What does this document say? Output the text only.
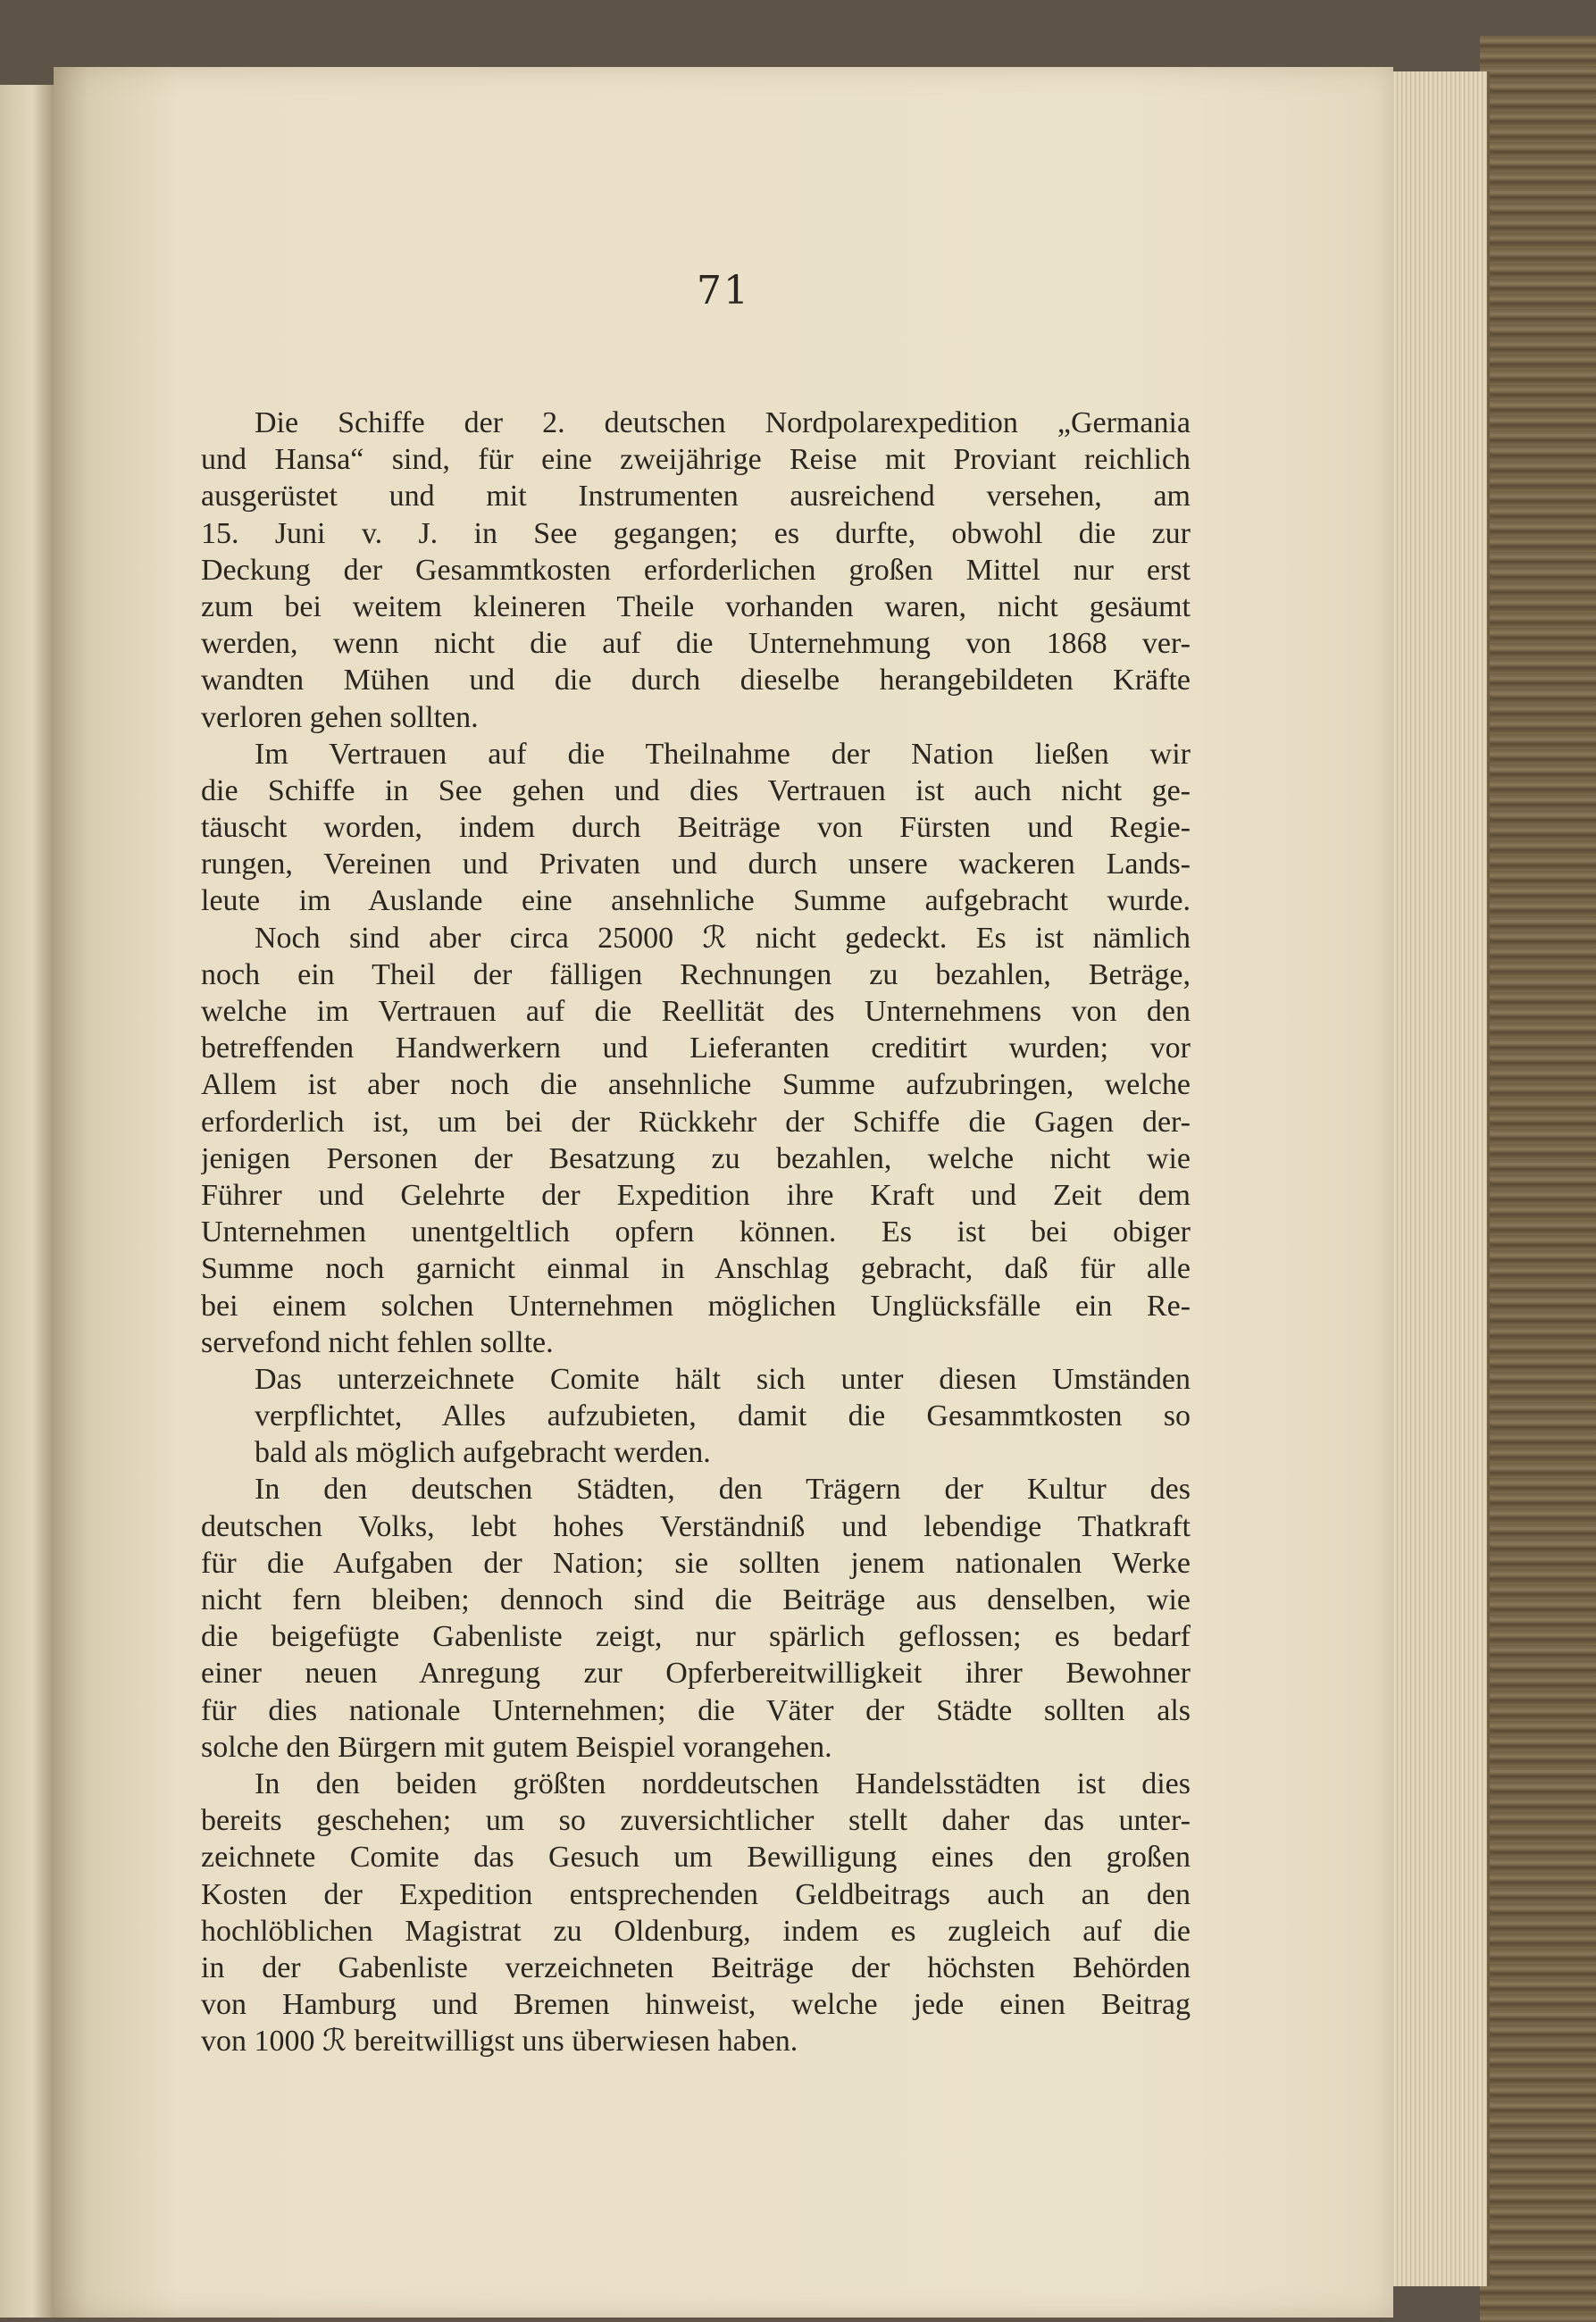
71
Die Schiffe der 2. deutschen Nordpolarexpedition „Germania
und Hansa“ sind, für eine zweijährige Reise mit Proviant reichlich
ausgerüstet und mit Instrumenten ausreichend versehen, am
15. Juni v. J. in See gegangen; es durfte, obwohl die zur
Deckung der Gesammtkosten erforderlichen großen Mittel nur erst
zum bei weitem kleineren Theile vorhanden waren, nicht gesäumt
werden, wenn nicht die auf die Unternehmung von 1868 ver-
wandten Mühen und die durch dieselbe herangebildeten Kräfte
verloren gehen sollten.
Im Vertrauen auf die Theilnahme der Nation ließen wir
die Schiffe in See gehen und dies Vertrauen ist auch nicht ge-
täuscht worden, indem durch Beiträge von Fürsten und Regie-
rungen, Vereinen und Privaten und durch unsere wackeren Lands-
leute im Auslande eine ansehnliche Summe aufgebracht wurde.
Noch sind aber circa 25000 ℛ nicht gedeckt. Es ist nämlich
noch ein Theil der fälligen Rechnungen zu bezahlen, Beträge,
welche im Vertrauen auf die Reellität des Unternehmens von den
betreffenden Handwerkern und Lieferanten creditirt wurden; vor
Allem ist aber noch die ansehnliche Summe aufzubringen, welche
erforderlich ist, um bei der Rückkehr der Schiffe die Gagen der-
jenigen Personen der Besatzung zu bezahlen, welche nicht wie
Führer und Gelehrte der Expedition ihre Kraft und Zeit dem
Unternehmen unentgeltlich opfern können. Es ist bei obiger
Summe noch garnicht einmal in Anschlag gebracht, daß für alle
bei einem solchen Unternehmen möglichen Unglücksfälle ein Re-
servefond nicht fehlen sollte.
Das unterzeichnete Comite hält sich unter diesen Umständen
verpflichtet, Alles aufzubieten, damit die Gesammtkosten so
bald als möglich aufgebracht werden.
In den deutschen Städten, den Trägern der Kultur des
deutschen Volks, lebt hohes Verständniß und lebendige Thatkraft
für die Aufgaben der Nation; sie sollten jenem nationalen Werke
nicht fern bleiben; dennoch sind die Beiträge aus denselben, wie
die beigefügte Gabenliste zeigt, nur spärlich geflossen; es bedarf
einer neuen Anregung zur Opferbereitwilligkeit ihrer Bewohner
für dies nationale Unternehmen; die Väter der Städte sollten als
solche den Bürgern mit gutem Beispiel vorangehen.
In den beiden größten norddeutschen Handelsstädten ist dies
bereits geschehen; um so zuversichtlicher stellt daher das unter-
zeichnete Comite das Gesuch um Bewilligung eines den großen
Kosten der Expedition entsprechenden Geldbeitrags auch an den
hochlöblichen Magistrat zu Oldenburg, indem es zugleich auf die
in der Gabenliste verzeichneten Beiträge der höchsten Behörden
von Hamburg und Bremen hinweist, welche jede einen Beitrag
von 1000 ℛ bereitwilligst uns überwiesen haben.
